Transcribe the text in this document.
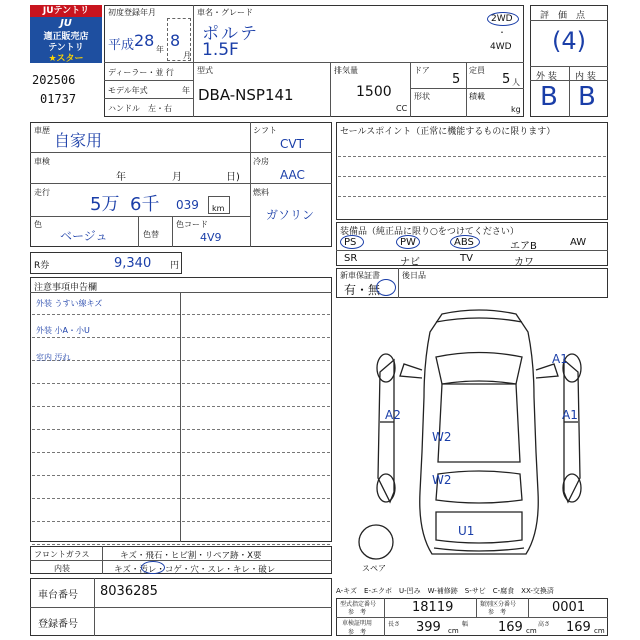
JUテントリ
JU
適正販売店
テントリ
★スター
202506
01737
初度登録年月
平成 28 年 8
月
車名・グレード
ポルテ
1.5F
2WD
・
4WD
ディーラー・並 行
モデル年式	年
ハンドル　左・右
型式
DBA-NSP141
排気量
1500
CC
ドア
5
定員
5 人
形状	積載
kg
評　価　点
(4)
外 装 内 装
B B
車歴
自家用
車検
年	月	日)
走行
5万 6千 039 km
色
ベージュ	色替
色コード
4V9
シフト
CVT
冷房
AAC
燃料
ガソリン
R券	9,340 円
セールスポイント（正常に機能するものに限ります）
装備品（純正品に限り○をつけてください）
PS	PW	ABS	エアB	AW
SR	ナビ	TV	カワ
新車保証書
有・無
後日品
注意事項申告欄
外装 うすい線キズ
外装 小A・小U
室内 汚れ	A1
A2	A1
W2
W2
U1
スペア
フロントガラス	キズ・飛石・ヒビ割・リペア跡・X要
内装	キズ・汚レ・コゲ・穴・スレ・キレ・破レ
車台番号 8036285
登録番号
A-キズ　E-エクボ　U-凹み　W-補修跡　S-サビ　C-腐食　XX-交換済
型式指定番号
参　考	18119	類別区分番号
参　考	0001
車検証明用
参　考
長さ 399 cm
幅 169 cm
高さ 169 cm
